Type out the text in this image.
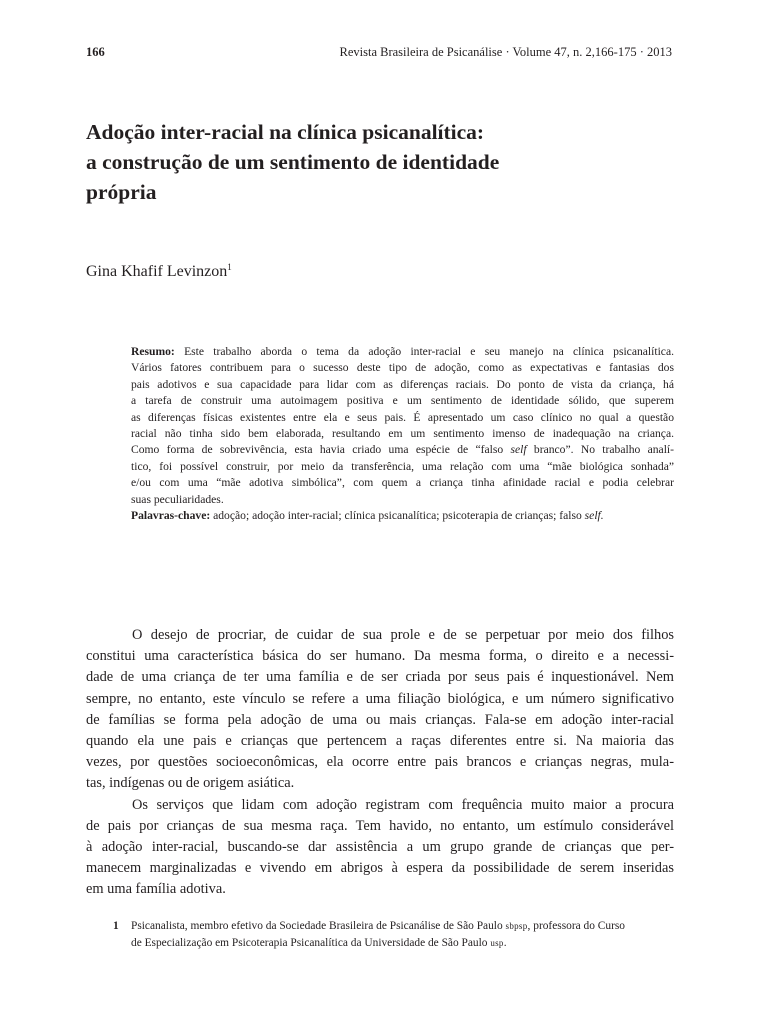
166	Revista Brasileira de Psicanálise · Volume 47, n. 2,166-175 · 2013
Adoção inter-racial na clínica psicanalítica:
a construção de um sentimento de identidade
própria
Gina Khafif Levinzon$^1$
Resumo: Este trabalho aborda o tema da adoção inter-racial e seu manejo na clínica psicanalítica.
Vários fatores contribuem para o sucesso deste tipo de adoção, como as expectativas e fantasias dos
pais adotivos e sua capacidade para lidar com as diferenças raciais. Do ponto de vista da criança, há
a tarefa de construir uma autoimagem positiva e um sentimento de identidade sólido, que superem
as diferenças físicas existentes entre ela e seus pais. É apresentado um caso clínico no qual a questão
racial não tinha sido bem elaborada, resultando em um sentimento imenso de inadequação na criança.
Como forma de sobrevivência, esta havia criado uma espécie de “falso self branco”. No trabalho analí-
tico, foi possível construir, por meio da transferência, uma relação com uma “mãe biológica sonhada”
e/ou com uma “mãe adotiva simbólica”, com quem a criança tinha afinidade racial e podia celebrar
suas peculiaridades.
Palavras-chave: adoção; adoção inter-racial; clínica psicanalítica; psicoterapia de crianças; falso self.
O desejo de procriar, de cuidar de sua prole e de se perpetuar por meio dos filhos
constitui uma característica básica do ser humano. Da mesma forma, o direito e a necessi-
dade de uma criança de ter uma família e de ser criada por seus pais é inquestionável. Nem
sempre, no entanto, este vínculo se refere a uma filiação biológica, e um número significativo
de famílias se forma pela adoção de uma ou mais crianças. Fala-se em adoção inter-racial
quando ela une pais e crianças que pertencem a raças diferentes entre si. Na maioria das
vezes, por questões socioeconômicas, ela ocorre entre pais brancos e crianças negras, mula-
tas, indígenas ou de origem asiática.
Os serviços que lidam com adoção registram com frequência muito maior a procura
de pais por crianças de sua mesma raça. Tem havido, no entanto, um estímulo considerável
à adoção inter-racial, buscando-se dar assistência a um grupo grande de crianças que per-
manecem marginalizadas e vivendo em abrigos à espera da possibilidade de serem inseridas
em uma família adotiva.
1 Psicanalista, membro efetivo da Sociedade Brasileira de Psicanálise de São Paulo sbpsp, professora do Curso
de Especialização em Psicoterapia Psicanalítica da Universidade de São Paulo usp.
